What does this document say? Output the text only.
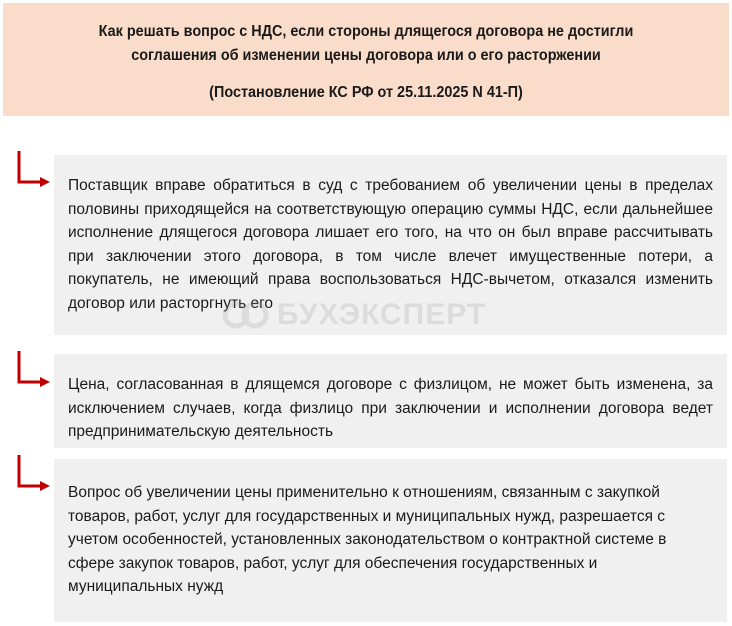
Как решать вопрос с НДС, если стороны длящегося договора не достигли
соглашения об изменении цены договора или о его расторжении
(Постановление КС РФ от 25.11.2025 N 41-П)
Поставщик вправе обратиться в суд с требованием об увеличении цены в пределах половины приходящейся на соответствующую операцию суммы НДС, если дальнейшее исполнение длящегося договора лишает его того, на что он был вправе рассчитывать при заключении этого договора, в том числе влечет имущественные потери, а покупатель, не имеющий права воспользоваться НДС-вычетом, отказался изменить договор или расторгнуть его
Цена, согласованная в длящемся договоре с физлицом, не может быть изменена, за исключением случаев, когда физлицо при заключении и исполнении договора ведет предпринимательскую деятельность
Вопрос об увеличении цены применительно к отношениям, связанным с закупкой товаров, работ, услуг для государственных и муниципальных нужд, разрешается с учетом особенностей, установленных законодательством о контрактной системе в сфере закупок товаров, работ, услуг для обеспечения государственных и муниципальных нужд
БУХЭКСПЕРТ
